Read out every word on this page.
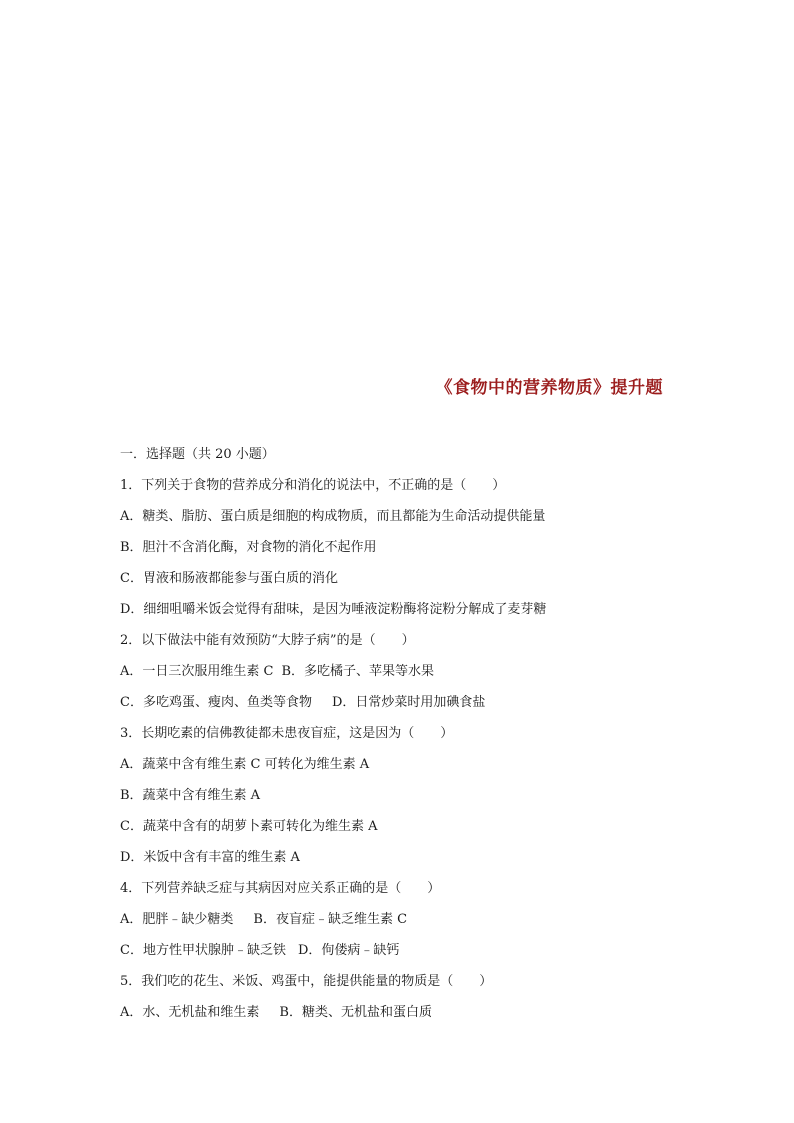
《食物中的营养物质》提升题
一．选择题（共 20 小题）
1．下列关于食物的营养成分和消化的说法中，不正确的是（　　）
A．糖类、脂肪、蛋白质是细胞的构成物质，而且都能为生命活动提供能量
B．胆汁不含消化酶，对食物的消化不起作用
C．胃液和肠液都能参与蛋白质的消化
D．细细咀嚼米饭会觉得有甜味，是因为唾液淀粉酶将淀粉分解成了麦芽糖
2．以下做法中能有效预防“大脖子病”的是（　　）
A．一日三次服用维生素 C B．多吃橘子、苹果等水果
C．多吃鸡蛋、瘦肉、鱼类等食物 D．日常炒菜时用加碘食盐
3．长期吃素的信佛教徒都未患夜盲症，这是因为（　　）
A．蔬菜中含有维生素 C 可转化为维生素 A
B．蔬菜中含有维生素 A
C．蔬菜中含有的胡萝卜素可转化为维生素 A
D．米饭中含有丰富的维生素 A
4．下列营养缺乏症与其病因对应关系正确的是（　　）
A．肥胖﹣缺少糖类 B．夜盲症﹣缺乏维生素 C
C．地方性甲状腺肿﹣缺乏铁 D．佝偻病﹣缺钙
5．我们吃的花生、米饭、鸡蛋中，能提供能量的物质是（　　）
A．水、无机盐和维生素 B．糖类、无机盐和蛋白质
